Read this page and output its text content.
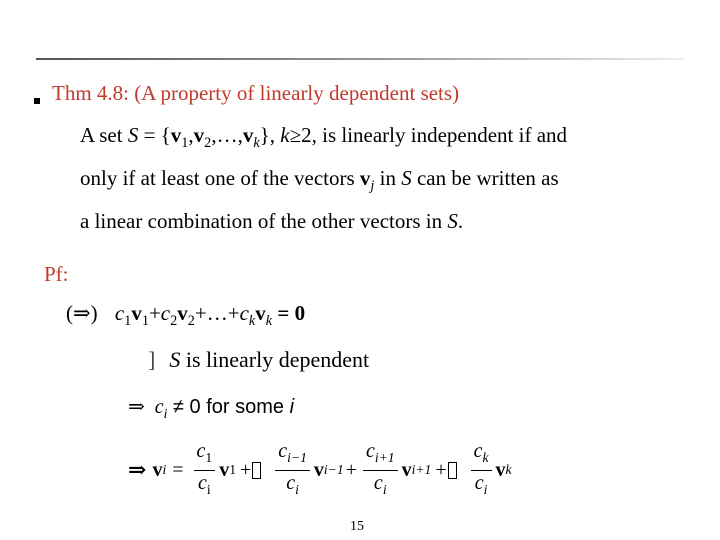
Thm 4.8: (A property of linearly dependent sets)
A set $S = \{v_1,v_2,\dots,v_k\}$, k≥2, is linearly independent if and
only if at least one of the vectors $v_j$ in S can be written as
a linear combination of the other vectors in S.
Pf:
(⇒) $c_1v_1+c_2v_2+\dots+c_kv_k = 0$
] S is linearly dependent
⇒ $c_i \ne 0$ for some i
⇒ v $i = \frac{c_1}{c_i}$ v $1 + \frac{c_{i-1}}{c_i}$ v $i-1 + \frac{c_{i+1}}{c_i}$ v $i+1 + \frac{c_k}{c_i}$ v k
15
